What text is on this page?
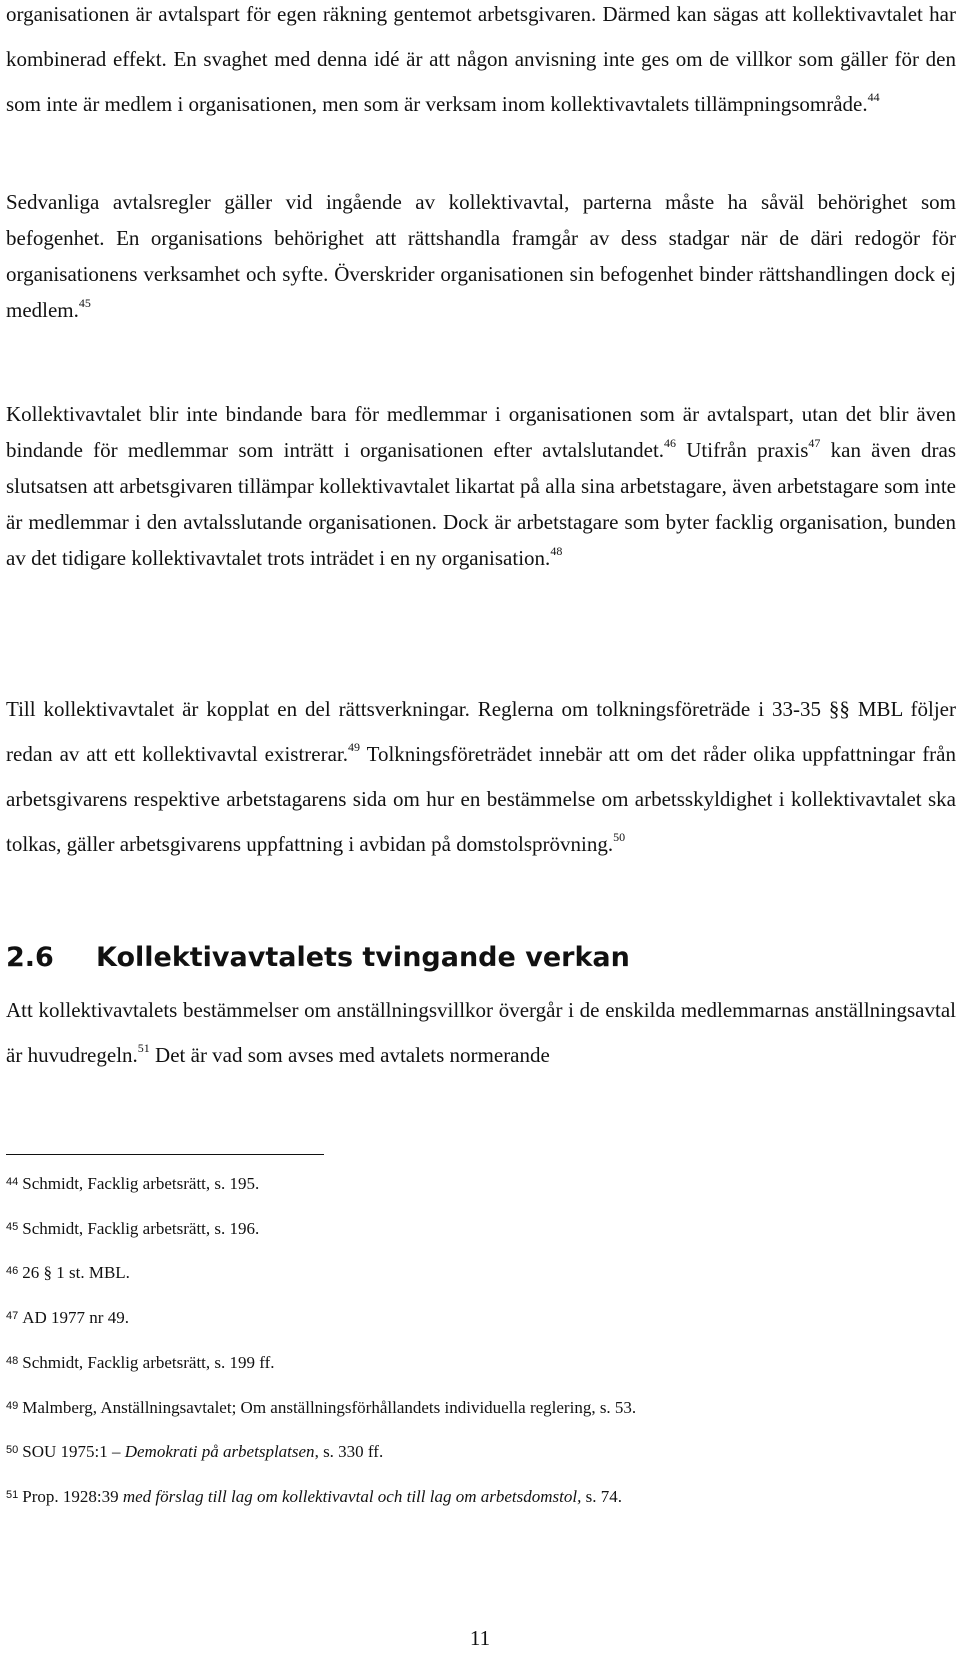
organisationen är avtalspart för egen räkning gentemot arbetsgivaren. Därmed kan sägas att kollektivavtalet har kombinerad effekt. En svaghet med denna idé är att någon anvisning inte ges om de villkor som gäller för den som inte är medlem i organisationen, men som är verksam inom kollektivavtalets tillämpningsområde.$^{44}$

Sedvanliga avtalsregler gäller vid ingående av kollektivavtal, parterna måste ha såväl behörighet som befogenhet. En organisations behörighet att rättshandla framgår av dess stadgar när de däri redogör för organisationens verksamhet och syfte. Överskrider organisationen sin befogenhet binder rättshandlingen dock ej medlem.$^{45}$

Kollektivavtalet blir inte bindande bara för medlemmar i organisationen som är avtalspart, utan det blir även bindande för medlemmar som inträtt i organisationen efter avtalslutandet.$^{46}$ Utifrån praxis$^{47}$ kan även dras slutsatsen att arbetsgivaren tillämpar kollektivavtalet likartat på alla sina arbetstagare, även arbetstagare som inte är medlemmar i den avtalsslutande organisationen. Dock är arbetstagare som byter facklig organisation, bunden av det tidigare kollektivavtalet trots inträdet i en ny organisation.$^{48}$

Till kollektivavtalet är kopplat en del rättsverkningar. Reglerna om tolkningsföreträde i 33-35 §§ MBL följer redan av att ett kollektivavtal existrerar.$^{49}$ Tolkningsföreträdet innebär att om det råder olika uppfattningar från arbetsgivarens respektive arbetstagarens sida om hur en bestämmelse om arbetsskyldighet i kollektivavtalet ska tolkas, gäller arbetsgivarens uppfattning i avbidan på domstolsprövning.$^{50}$

2.6 Kollektivavtalets tvingande verkan

Att kollektivavtalets bestämmelser om anställningsvillkor övergår i de enskilda medlemmarnas anställningsavtal är huvudregeln.$^{51}$ Det är vad som avses med avtalets normerande

$^{44}$ Schmidt, Facklig arbetsrätt, s. 195.

$^{45}$ Schmidt, Facklig arbetsrätt, s. 196.

$^{46}$ 26 § 1 st. MBL.

$^{47}$ AD 1977 nr 49.

$^{48}$ Schmidt, Facklig arbetsrätt, s. 199 ff.

$^{49}$ Malmberg, Anställningsavtalet; Om anställningsförhållandets individuella reglering, s. 53.

$^{50}$ SOU 1975:1 – Demokrati på arbetsplatsen, s. 330 ff.

$^{51}$ Prop. 1928:39 med förslag till lag om kollektivavtal och till lag om arbetsdomstol, s. 74.

11
